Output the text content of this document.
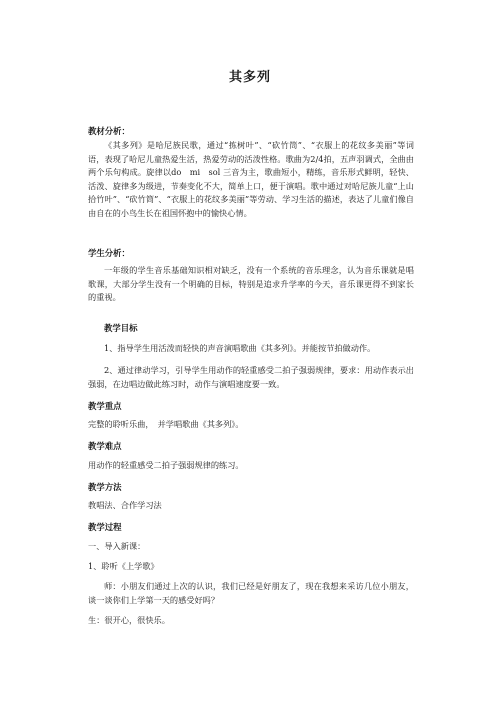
其多列
教材分析：
《其多列》是哈尼族民歌，通过“拣树叶”、“砍竹筒”、“衣服上的花纹多美丽”等词语，表现了哈尼儿童热爱生活，热爱劳动的活泼性格。歌曲为2/4拍，五声羽调式，全曲由两个乐句构成。旋律以do　mi　sol 三音为主，歌曲短小，精练，音乐形式鲜明，轻快、活泼、旋律多为级进，节奏变化不大，简单上口，便于演唱。歌中通过对哈尼族儿童“上山拾竹叶”、“砍竹筒”、“衣服上的花纹多美丽”等劳动、学习生活的描述，表达了儿童们像自由自在的小鸟生长在祖国怀抱中的愉快心情。
学生分析：
一年级的学生音乐基础知识相对缺乏，没有一个系统的音乐理念，认为音乐课就是唱歌课，大部分学生没有一个明确的目标，特别是追求升学率的今天，音乐课更得不到家长的重视。
教学目标
1、指导学生用活泼而轻快的声音演唱歌曲《其多列》。并能按节拍做动作。
2、通过律动学习，引导学生用动作的轻重感受二拍子强弱规律，要求：用动作表示出强弱，在边唱边做此练习时，动作与演唱速度要一致。
教学重点
完整的聆听乐曲，　并学唱歌曲《其多列》。
教学难点
用动作的轻重感受二拍子强弱规律的练习。
教学方法
教唱法、合作学习法
教学过程
一、导入新课：
1、聆听《上学歌》
师：小朋友们通过上次的认识，我们已经是好朋友了，现在我想来采访几位小朋友，谈一谈你们上学第一天的感受好吗？
生：很开心，很快乐。
